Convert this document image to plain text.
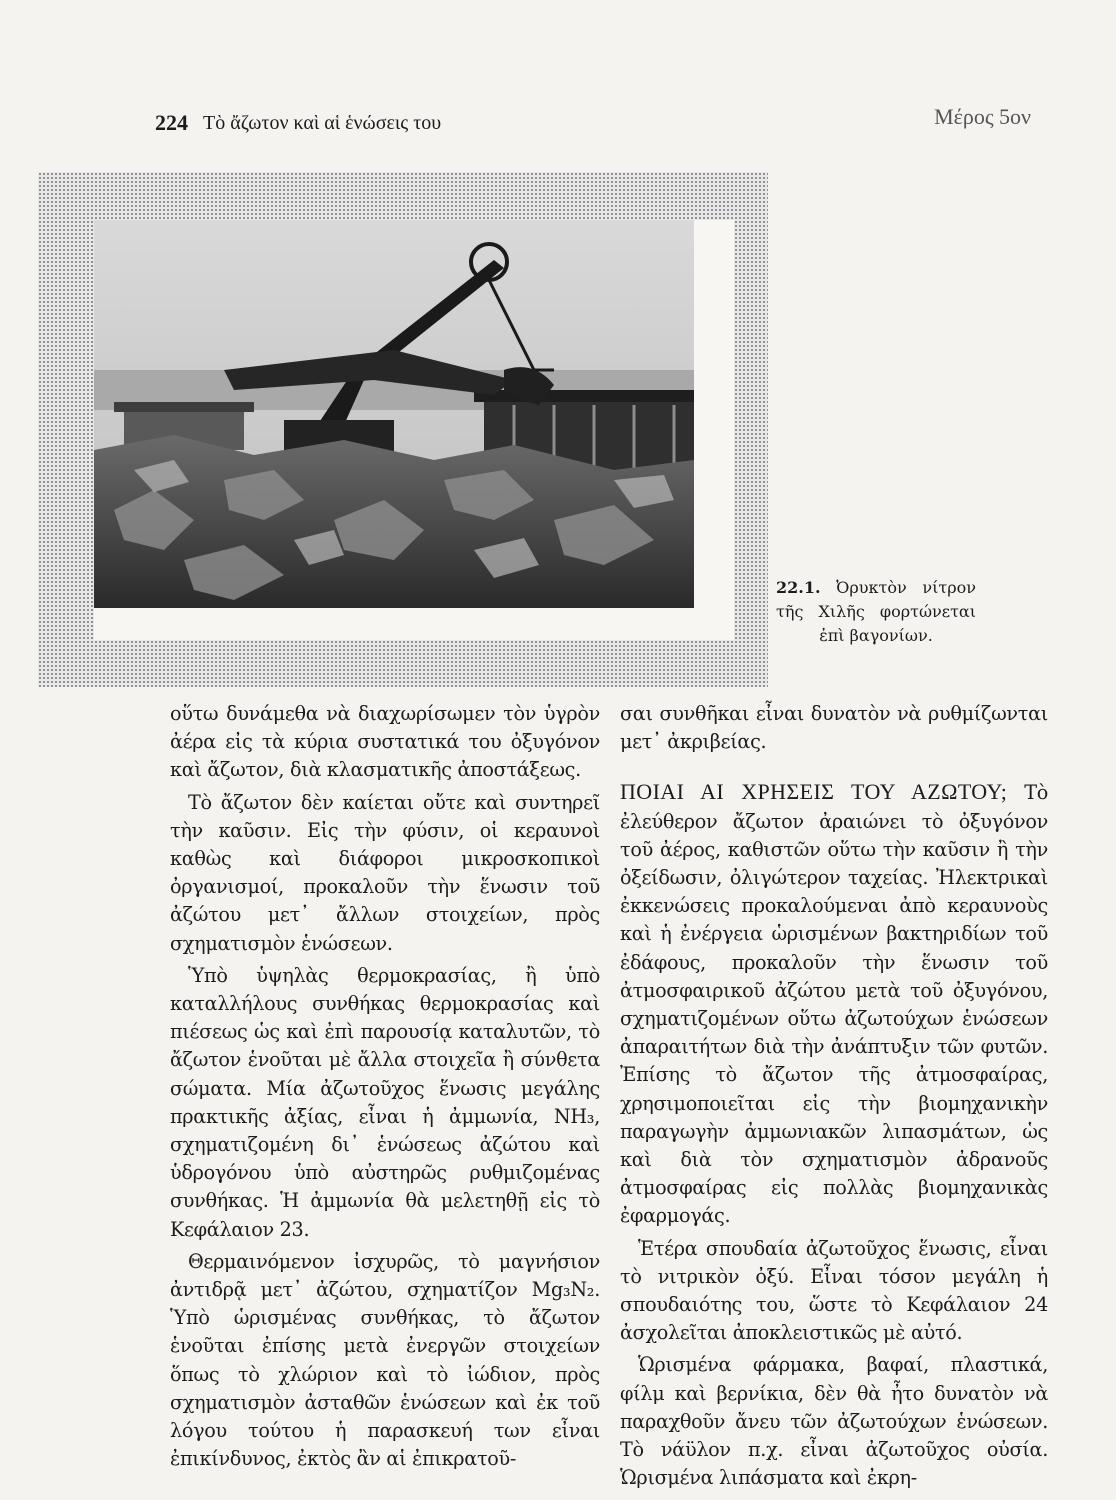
224 Τὸ ἄζωτον καὶ αἱ ἑνώσεις του	Μέρος 5ον
22.1. Ὀρυκτὸν νίτρον τῆς Χιλῆς φορτώνεται ἐπὶ βαγονίων.

οὕτω δυνάμεθα νὰ διαχωρίσωμεν τὸν ὑγρὸν ἀέρα εἰς τὰ κύρια συστατικά του ὀξυγόνον καὶ ἄζωτον, διὰ κλασματικῆς ἀποστάξεως.

Τὸ ἄζωτον δὲν καίεται οὔτε καὶ συντηρεῖ τὴν καῦσιν. Εἰς τὴν φύσιν, οἱ κεραυνοὶ καθὼς καὶ διάφοροι μικροσκοπικοὶ ὀργανισμοί, προκαλοῦν τὴν ἕνωσιν τοῦ ἀζώτου μετ᾽ ἄλλων στοιχείων, πρὸς σχηματισμὸν ἑνώσεων.

Ὑπὸ ὑψηλὰς θερμοκρασίας, ἢ ὑπὸ καταλλήλους συνθήκας θερμοκρασίας καὶ πιέσεως ὡς καὶ ἐπὶ παρουσίᾳ καταλυτῶν, τὸ ἄζωτον ἑνοῦται μὲ ἄλλα στοιχεῖα ἢ σύνθετα σώματα. Μία ἀζωτοῦχος ἕνωσις μεγάλης πρακτικῆς ἀξίας, εἶναι ἡ ἀμμωνία, NH₃, σχηματιζομένη δι᾽ ἑνώσεως ἀζώτου καὶ ὑδρογόνου ὑπὸ αὐστηρῶς ρυθμιζομένας συνθήκας. Ἡ ἀμμωνία θὰ μελετηθῇ εἰς τὸ Κεφάλαιον 23.

Θερμαινόμενον ἰσχυρῶς, τὸ μαγνήσιον ἀντιδρᾷ μετ᾽ ἀζώτου, σχηματίζον Mg₃N₂. Ὑπὸ ὡρισμένας συνθήκας, τὸ ἄζωτον ἑνοῦται ἐπίσης μετὰ ἐνεργῶν στοιχείων ὅπως τὸ χλώριον καὶ τὸ ἰώδιον, πρὸς σχηματισμὸν ἀσταθῶν ἑνώσεων καὶ ἐκ τοῦ λόγου τούτου ἡ παρασκευή των εἶναι ἐπικίνδυνος, ἐκτὸς ἂν αἱ ἐπικρατοῦ-

σαι συνθῆκαι εἶναι δυνατὸν νὰ ρυθμίζωνται μετ᾽ ἀκριβείας.

ΠΟΙΑΙ ΑΙ ΧΡΗΣΕΙΣ ΤΟΥ ΑΖΩΤΟΥ; Τὸ ἐλεύθερον ἄζωτον ἀραιώνει τὸ ὀξυγόνον τοῦ ἀέρος, καθιστῶν οὕτω τὴν καῦσιν ἢ τὴν ὀξείδωσιν, ὀλιγώτερον ταχείας. Ἠλεκτρικαὶ ἐκκενώσεις προκαλούμεναι ἀπὸ κεραυνοὺς καὶ ἡ ἐνέργεια ὡρισμένων βακτηριδίων τοῦ ἐδάφους, προκαλοῦν τὴν ἕνωσιν τοῦ ἀτμοσφαιρικοῦ ἀζώτου μετὰ τοῦ ὀξυγόνου, σχηματιζομένων οὕτω ἀζωτούχων ἑνώσεων ἀπαραιτήτων διὰ τὴν ἀνάπτυξιν τῶν φυτῶν. Ἐπίσης τὸ ἄζωτον τῆς ἀτμοσφαίρας, χρησιμοποιεῖται εἰς τὴν βιομηχανικὴν παραγωγὴν ἀμμωνιακῶν λιπασμάτων, ὡς καὶ διὰ τὸν σχηματισμὸν ἀδρανοῦς ἀτμοσφαίρας εἰς πολλὰς βιομηχανικὰς ἐφαρμογάς.

Ἑτέρα σπουδαία ἀζωτοῦχος ἕνωσις, εἶναι τὸ νιτρικὸν ὀξύ. Εἶναι τόσον μεγάλη ἡ σπουδαιότης του, ὥστε τὸ Κεφάλαιον 24 ἀσχολεῖται ἀποκλειστικῶς μὲ αὐτό.

Ὡρισμένα φάρμακα, βαφαί, πλαστικά, φίλμ καὶ βερνίκια, δὲν θὰ ἦτο δυνατὸν νὰ παραχθοῦν ἄνευ τῶν ἀζωτούχων ἑνώσεων. Τὸ νάϋλον π.χ. εἶναι ἀζωτοῦχος οὐσία. Ὡρισμένα λιπάσματα καὶ ἐκρη-
